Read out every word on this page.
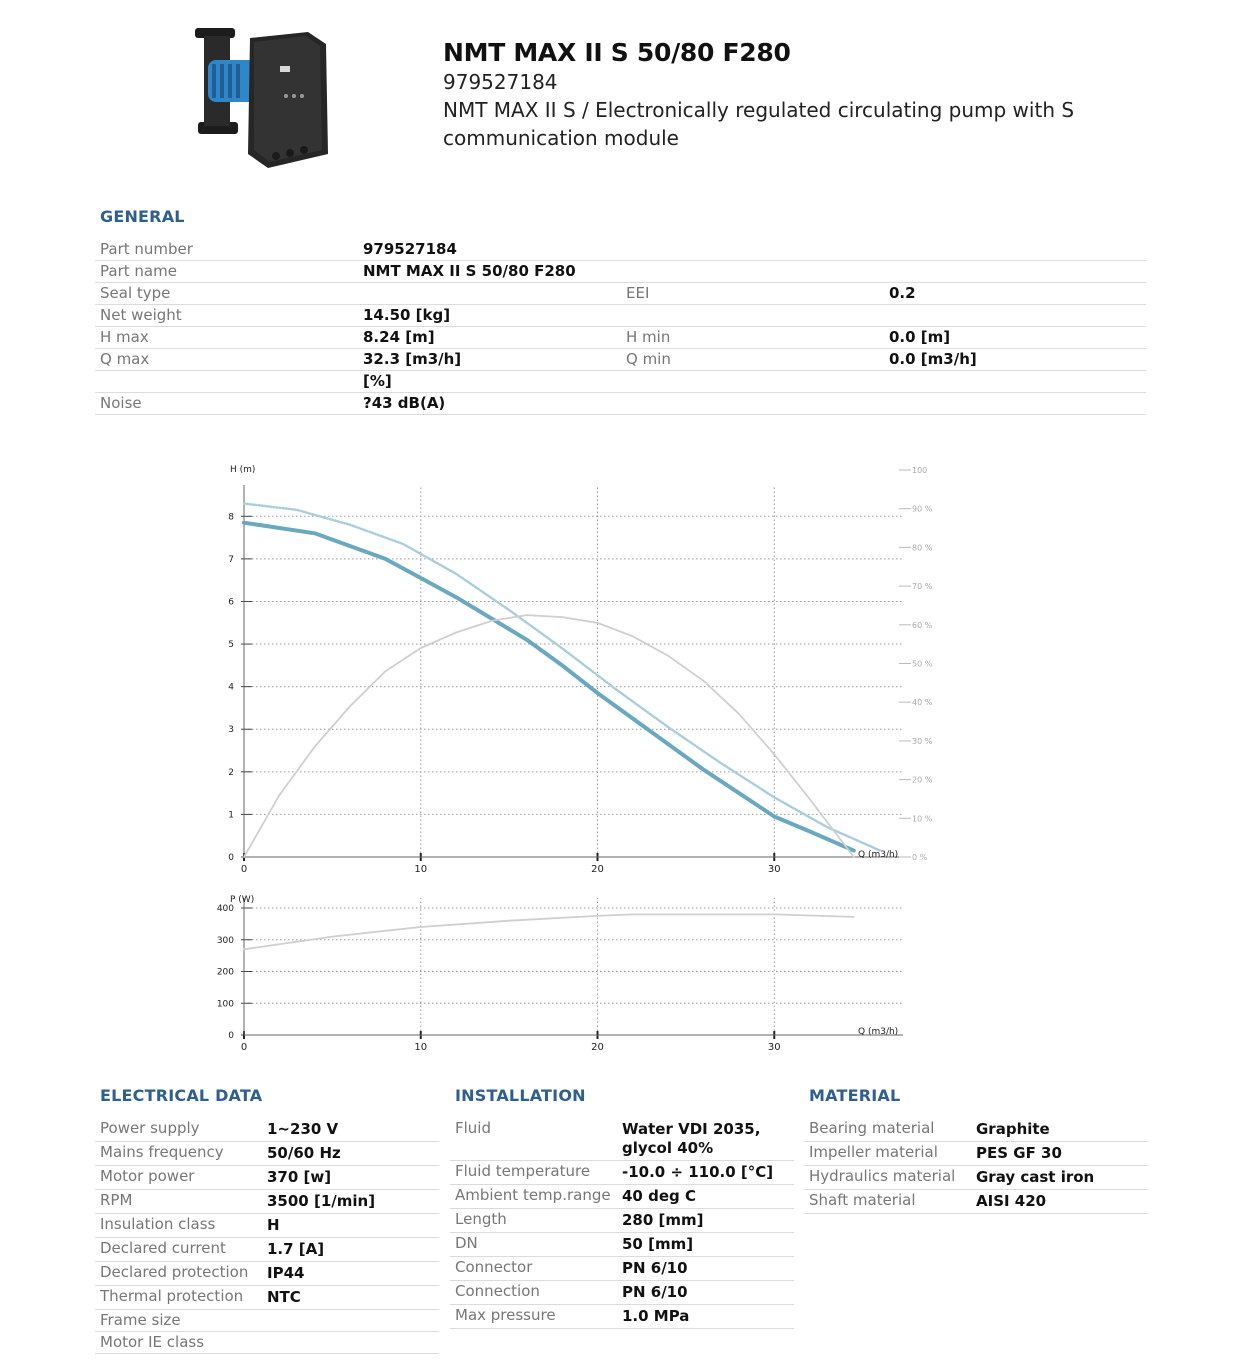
NMT MAX II S 50/80 F280
979527184
NMT MAX II S / Electronically regulated circulating pump with S communication module
GENERAL
Part number	979527184
Part name	NMT MAX II S 50/80 F280
Seal type	EEI	0.2
Net weight	14.50 [kg]
H max	8.24 [m]	H min	0.0 [m]
Q max	32.3 [m3/h]	Q min	0.0 [m3/h]
[%]
Noise	?43 dB(A)
0
1
2
3
4
5
6
7
8
0	10	20	30
H (m)
Q (m3/h) 0 %
10 %
20 %
30 %
40 %
50 %
60 %
70 %
80 %
90 %
100
0
100
200
300
400
0	10	20	30
P (W)
Q (m3/h)
ELECTRICAL DATA
Power supply	1~230 V
Mains frequency	50/60 Hz
Motor power	370 [w]
RPM	3500 [1/min]
Insulation class	H
Declared current	1.7 [A]
Declared protection	IP44
Thermal protection	NTC
Frame size
Motor IE class
INSTALLATION
Fluid	Water VDI 2035, glycol 40%
Fluid temperature	-10.0 ÷ 110.0 [°C]
Ambient temp.range 40 deg C
Length	280 [mm]
DN	50 [mm]
Connector	PN 6/10
Connection	PN 6/10
Max pressure	1.0 MPa
MATERIAL
Bearing material	Graphite
Impeller material	PES GF 30
Hydraulics material	Gray cast iron
Shaft material	AISI 420
